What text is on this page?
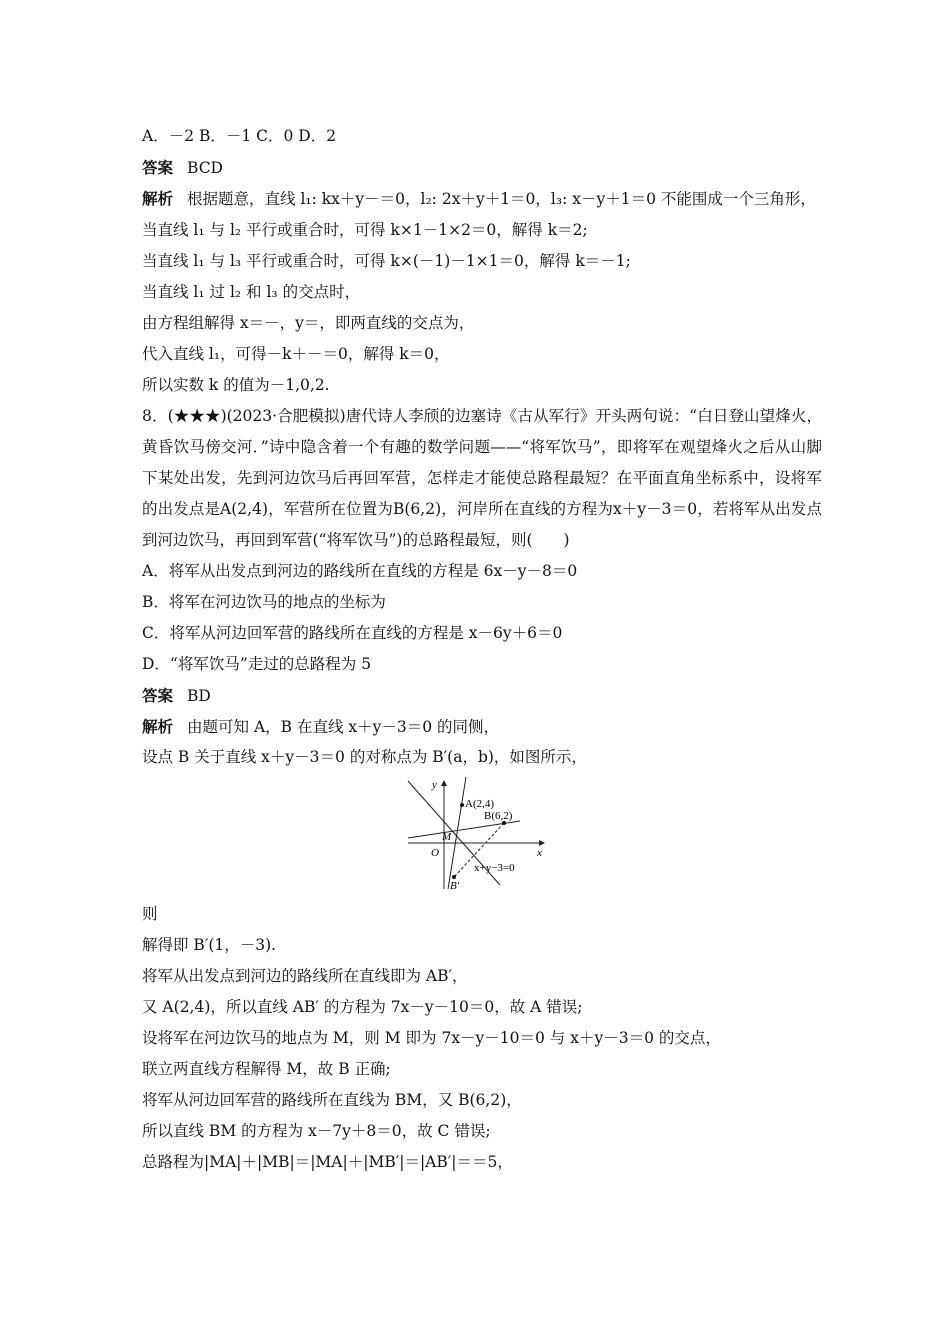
A．－2 B．－1 C．0 D．2
答案 BCD
解析 根据题意，直线 l₁: kx＋y－＝0，l₂: 2x＋y＋1＝0，l₃: x－y＋1＝0 不能围成一个三角形，
当直线 l₁ 与 l₂ 平行或重合时，可得 k×1－1×2＝0，解得 k＝2;
当直线 l₁ 与 l₃ 平行或重合时，可得 k×(－1)－1×1＝0，解得 k＝－1;
当直线 l₁ 过 l₂ 和 l₃ 的交点时，
由方程组解得 x＝－，y＝，即两直线的交点为，
代入直线 l₁，可得－k＋－＝0，解得 k＝0，
所以实数 k 的值为－1,0,2.
8．(★★★)(2023·合肥模拟)唐代诗人李颀的边塞诗《古从军行》开头两句说：“白日登山望烽火，黄昏饮马傍交河．”诗中隐含着一个有趣的数学问题——“将军饮马”，即将军在观望烽火之后从山脚下某处出发，先到河边饮马后再回军营，怎样走才能使总路程最短？在平面直角坐标系中，设将军的出发点是A(2,4)，军营所在位置为B(6,2)，河岸所在直线的方程为x＋y－3＝0，若将军从出发点到河边饮马，再回到军营(“将军饮马”)的总路程最短，则(　　)
A．将军从出发点到河边的路线所在直线的方程是 6x－y－8＝0
B．将军在河边饮马的地点的坐标为
C．将军从河边回军营的路线所在直线的方程是 x－6y＋6＝0
D．“将军饮马”走过的总路程为 5
答案 BD
解析 由题可知 A，B 在直线 x＋y－3＝0 的同侧，
设点 B 关于直线 x＋y－3＝0 的对称点为 B′(a，b)，如图所示，
y
x
O
M
A(2,4)
B(6,2)
B′
x+y−3=0
则
解得即 B′(1，－3).
将军从出发点到河边的路线所在直线即为 AB′，
又 A(2,4)，所以直线 AB′ 的方程为 7x－y－10＝0，故 A 错误;
设将军在河边饮马的地点为 M，则 M 即为 7x－y－10＝0 与 x＋y－3＝0 的交点，
联立两直线方程解得 M，故 B 正确;
将军从河边回军营的路线所在直线为 BM，又 B(6,2)，
所以直线 BM 的方程为 x－7y＋8＝0，故 C 错误;
总路程为|MA|＋|MB|＝|MA|＋|MB′|＝|AB′|＝＝5，
